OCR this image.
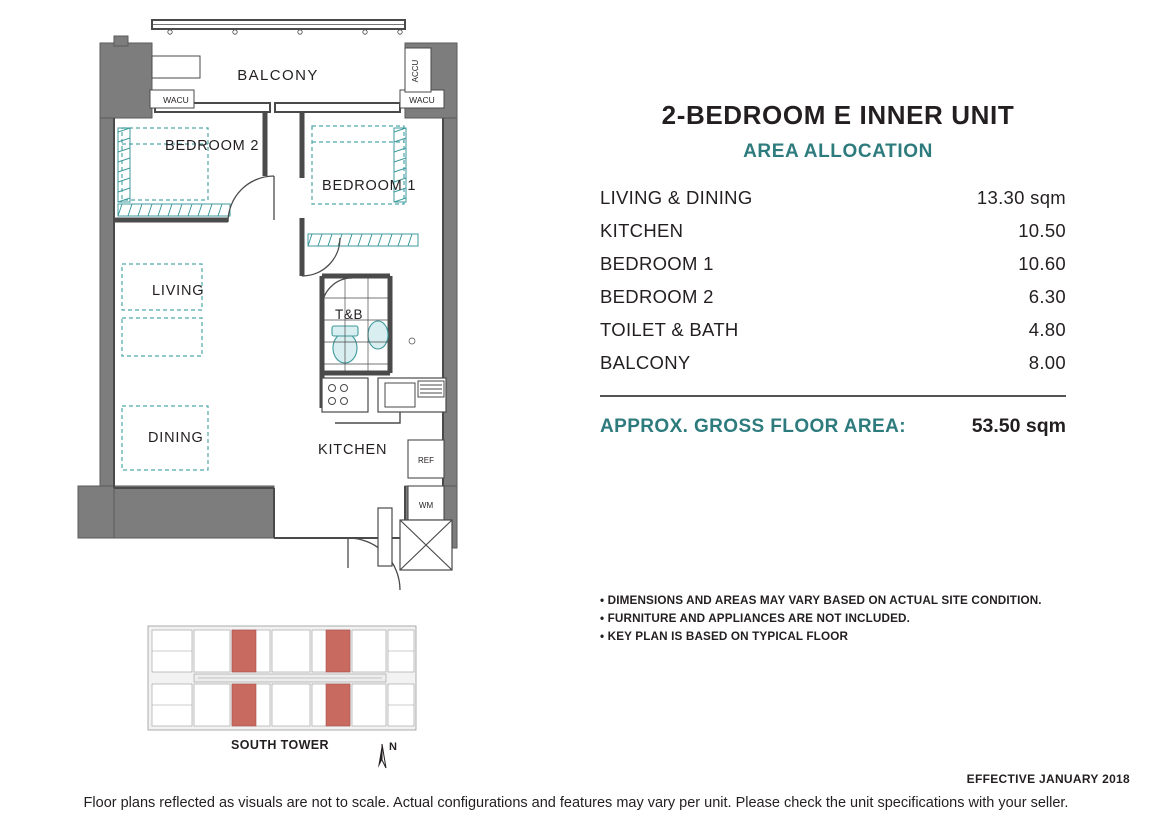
WACU	WACU
ACCU
REF
WM
BALCONY
BEDROOM 2
BEDROOM 1
LIVING
DINING
KITCHEN
T&B
SOUTH TOWER	N
2-BEDROOM E INNER UNIT
AREA ALLOCATION
LIVING & DINING	13.30 sqm
KITCHEN	10.50
BEDROOM 1	10.60
BEDROOM 2	6.30
TOILET & BATH	4.80
BALCONY	8.00
APPROX. GROSS FLOOR AREA:	53.50 sqm
• DIMENSIONS AND AREAS MAY VARY BASED ON ACTUAL SITE CONDITION.
• FURNITURE AND APPLIANCES ARE NOT INCLUDED.
• KEY PLAN IS BASED ON TYPICAL FLOOR
EFFECTIVE JANUARY 2018
Floor plans reflected as visuals are not to scale. Actual configurations and features may vary per unit. Please check the unit specifications with your seller.
